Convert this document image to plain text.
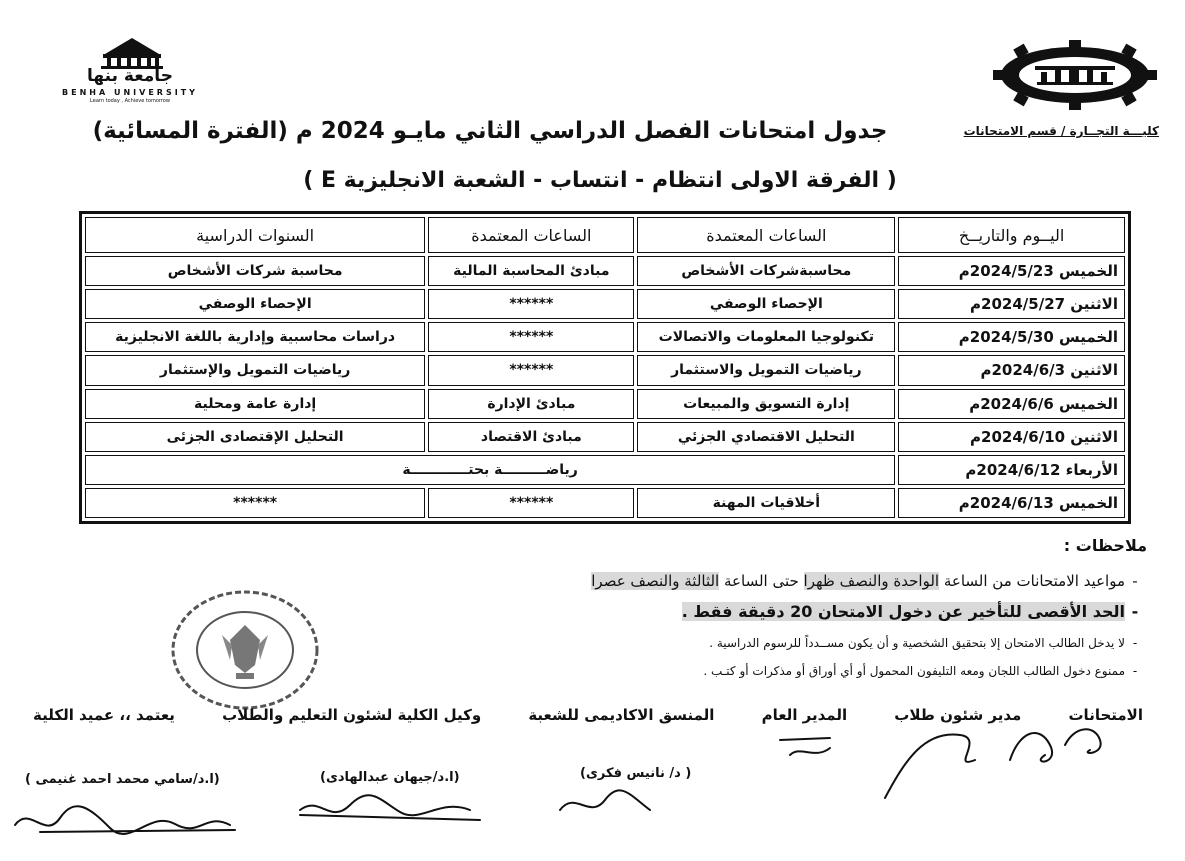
جامعة بنها
BENHA UNIVERSITY
Learn today , Achieve tomorrow
كليـــة التجــارة / قسم الامتحانات
جدول امتحانات الفصل الدراسي الثاني مايـو 2024 م (الفترة المسائية)
( الفرقة الاولى انتظام - انتساب - الشعبة الانجليزية E )
اليــوم والتاريــخ	الساعات المعتمدة	الساعات المعتمدة	السنوات الدراسية
الخميس 2024/5/23م	محاسبةشركات الأشخاص	مبادئ المحاسبة المالية	محاسبة شركات الأشخاص
الاثنين 2024/5/27م	الإحصاء الوصفي	******	الإحصاء الوصفي
الخميس 2024/5/30م	تكنولوجيا المعلومات والاتصالات	******	دراسات محاسبية وإدارية باللغة الانجليزية
الاثنين 2024/6/3م	رياضيات التمويل والاستثمار	******	رياضيات التمويل والإستثمار
الخميس 2024/6/6م	إدارة التسويق والمبيعات	مبادئ الإدارة	إدارة عامة ومحلية
الاثنين 2024/6/10م	التحليل الاقتصادي الجزئي	مبادئ الاقتصاد	التحليل الإقتصادى الجزئى
الأربعاء 2024/6/12م	رياضـــــــــة بحتــــــــــــة		
الخميس 2024/6/13م	أخلاقيات المهنة	******	******
ملاحظات :
-مواعيد الامتحانات من الساعة الواحدة والنصف ظهرا حتى الساعة الثالثة والنصف عصرا
-الحد الأقصى للتأخير عن دخول الامتحان 20 دقيقة فقط .
-لا يدخل الطالب الامتحان إلا بتحقيق الشخصية و أن يكون مســدداً للرسوم الدراسية .
-ممنوع دخول الطالب اللجان ومعه التليفون المحمول أو أي أوراق أو مذكرات أو كتـب .
الامتحانات
مدير شئون طلاب
المدير العام
المنسق الاكاديمى للشعبة
وكيل الكلية لشئون التعليم والطلاب
يعتمد ،، عميد الكلية
(ا.د/سامي محمد احمد غنيمى )	(ا.د/جيهان عبدالهادى)	( د/ نانيس فكرى)
